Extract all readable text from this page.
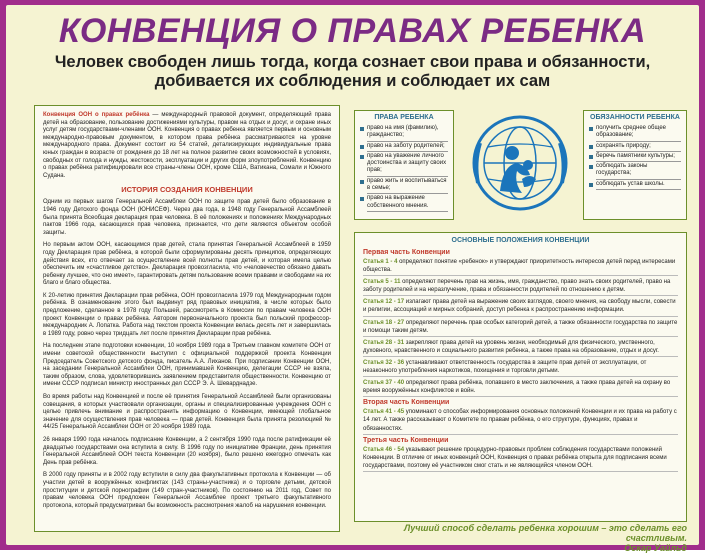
КОНВЕНЦИЯ О ПРАВАХ РЕБЕНКА
Человек свободен лишь тогда, когда сознает свои права и обязанности,
добивается их соблюдения и соблюдает их сам
Конвенция ООН о правах ребёнка — международный правовой документ, определяющий права детей на образование, пользование достижениями культуры, правом на отдых и досуг, и охране иных услуг детям государствами-членами ООН. Конвенция о правах ребенка является первым и основным международно-правовым документом, в котором права ребёнка рассматриваются на уровне международного права. Документ состоит из 54 статей, детализирующих индивидуальные права юных граждан в возрасте от рождения до 18 лет на полное развитие своих возможностей в условиях, свободных от голода и нужды, жестокости, эксплуатации и других форм злоупотреблений. Конвенцию о правах ребёнка ратифицировали все страны-члены ООН, кроме США, Ватикана, Сомали и Южного Судана.
ИСТОРИЯ СОЗДАНИЯ КОНВЕНЦИИ
Одним из первых шагов Генеральной Ассамблеи ООН по защите прав детей было образование в 1946 году Детского фонда ООН (ЮНИСЕФ). Через два года, в 1948 году Генеральной Ассамблеей была принята Всеобщая декларация прав человека. В её положениях и положениях Международных пактов 1966 года, касающихся прав человека, признается, что дети являются объектом особой защиты.
Но первым актом ООН, касающимся прав детей, стала принятая Генеральной Ассамблеей в 1959 году Декларация прав ребёнка, в которой были сформулированы десять принципов, определяющих действия всех, кто отвечает за осуществление всей полноты прав детей, и которая имела целью обеспечить им «счастливое детство». Декларация провозгласила, что «человечество обязано давать ребенку лучшее, что оно имеет», гарантировать детям пользование всеми правами и свободами на их благо и благо общества.
К 20-летию принятия Декларации прав ребёнка, ООН провозгласила 1979 год Международным годом ребёнка. В ознаменование этого был выдвинут ряд правовых инициатив, в числе которых было предложение, сделанное в 1978 году Польшей, рассмотреть в Комиссии по правам человека ООН проект Конвенции о правах ребёнка. Автором первоначального проекта был польский профессор-международник А. Лопатка. Работа над текстом проекта Конвенции велась десять лет и завершилась в 1989 году, ровно через тридцать лет после принятия Декларации прав ребёнка.
На последнем этапе подготовки конвенции, 10 ноября 1989 года в Третьем главном комитете ООН от имени советской общественности выступил с официальной поддержкой проекта Конвенции Председатель Советского детского фонда, писатель А.А. Лиханов. При подписании Конвенции ООН, на заседании Генеральной Ассамблеи ООН, принимавшей Конвенцию, делегации СССР не взяла, таким образом, слова, удовлетворившись заявлением представителя общественности. Конвенцию от имени СССР подписал министр иностранных дел СССР Э. А. Шеварднадзе.
Во время работы над Конвенцией и после её принятия Генеральной Ассамблеей были организованы совещания, в которых участвовали организации, органы и специализированные учреждения ООН с целью привлечь внимание и распространить информацию о Конвенции, имеющей глобальное значение для осуществления прав человека — прав детей. Конвенция была принята резолюцией № 44/25 Генеральной Ассамблеи ООН от 20 ноября 1989 года.
26 января 1990 года началось подписание Конвенции, а 2 сентября 1990 года после ратификации её двадцатью государствами она вступила в силу. В 1996 году по инициативе Франции, день принятия Генеральной Ассамблеей ООН текста Конвенции (20 ноября), было решено ежегодно отмечать как День прав ребёнка.
В 2000 году приняты и в 2002 году вступили в силу два факультативных протокола к Конвенции — об участии детей в вооружённых конфликтах (143 страны-участника) и о торговле детьми, детской проституции и детской порнографии (149 стран-участников). По состоянию на 2011 год, Совет по правам человека ООН предложен Генеральной Ассамблее проект третьего факультативного протокола, который предусматривал бы возможность рассмотрения жалоб на нарушения конвенции.
ПРАВА РЕБЕНКА
право на имя (фамилию), гражданство;
право на заботу родителей;
право на уважение личного достоинства и защиту своих прав;
право жить и воспитываться в семье;
право на выражение собственного мнения.
ОБЯЗАННОСТИ РЕБЕНКА
получить среднее общее образование;
сохранять природу;
беречь памятники культуры;
соблюдать законы государства;
соблюдать устав школы.
ОСНОВНЫЕ ПОЛОЖЕНИЯ КОНВЕНЦИИ
Первая часть Конвенции
Статья 1 - 4 определяют понятие «ребенок» и утверждают приоритетность интересов детей перед интересами общества.
Статья 5 - 11 определяют перечень прав на жизнь, имя, гражданство, право знать своих родителей, право на заботу родителей и на неразлучение, права и обязанности родителей по отношению к детям.
Статья 12 - 17 излагают права детей на выражение своих взглядов, своего мнения, на свободу мысли, совести и религии, ассоциаций и мирных собраний, доступ ребенка к распространению информации.
Статья 18 - 27 определяют перечень прав особых категорий детей, а также обязанности государства по защите и помощи таким детям.
Статья 28 - 31 закрепляют права детей на уровень жизни, необходимый для физического, умственного, духовного, нравственного и социального развития ребенка, а также права на образование, отдых и досуг.
Статья 32 - 36 устанавливают ответственность государства в защите прав детей от эксплуатации, от незаконного употребления наркотиков, похищения и торговли детьми.
Статья 37 - 40 определяют права ребёнка, попавшего в место заключения, а также права детей на охрану во время вооружённых конфликтов и войн.
Вторая часть Конвенции
Статья 41 - 45 упоминают о способах информирования основных положений Конвенции и их права на работу с 14 лет. А также рассказывают о Комитете по правам ребёнка, о его структуре, функциях, правах и обязанностях.
Третья часть Конвенции
Статья 46 - 54 указывают решение процедурно-правовых проблем соблюдения государствами положений Конвенции. В отличие от иных конвенций ООН, Конвенция о правах ребёнка открыта для подписания всеми государствами, поэтому её участником смог стать и не являющийся членом ООН.
Лучший способ сделать ребенка хорошим – это сделать его счастливым.
Оскар Уайльд
